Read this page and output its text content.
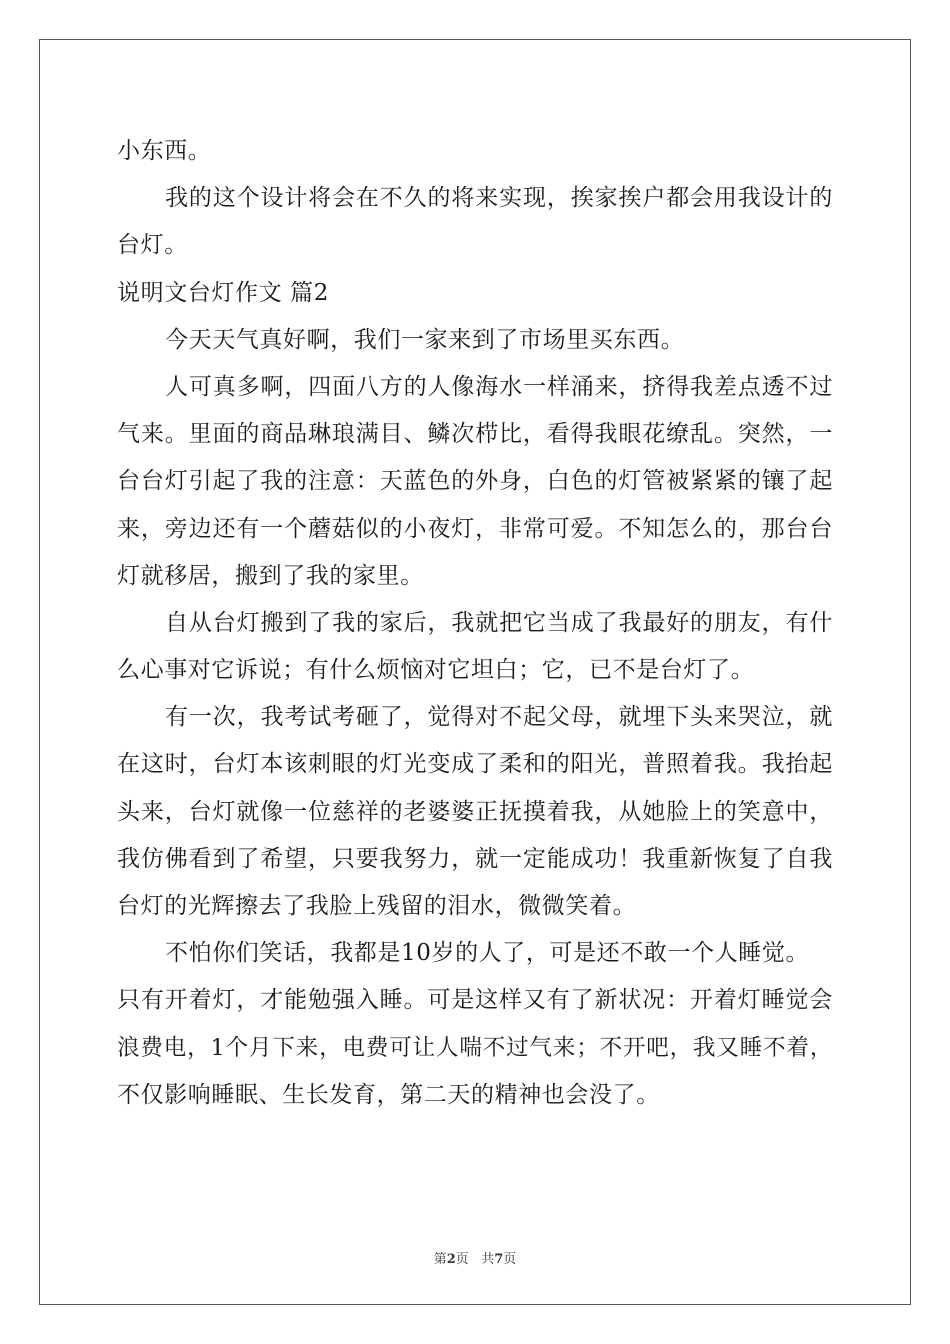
小东西。
我的这个设计将会在不久的将来实现，挨家挨户都会用我设计的
台灯。
说明文台灯作文 篇2
今天天气真好啊，我们一家来到了市场里买东西。
人可真多啊，四面八方的人像海水一样涌来，挤得我差点透不过
气来。里面的商品琳琅满目、鳞次栉比，看得我眼花缭乱。突然，一
台台灯引起了我的注意：天蓝色的外身，白色的灯管被紧紧的镶了起
来，旁边还有一个蘑菇似的小夜灯，非常可爱。不知怎么的，那台台
灯就移居，搬到了我的家里。
自从台灯搬到了我的家后，我就把它当成了我最好的朋友，有什
么心事对它诉说；有什么烦恼对它坦白；它，已不是台灯了。
有一次，我考试考砸了，觉得对不起父母，就埋下头来哭泣，就
在这时，台灯本该刺眼的灯光变成了柔和的阳光，普照着我。我抬起
头来，台灯就像一位慈祥的老婆婆正抚摸着我，从她脸上的笑意中，
我仿佛看到了希望，只要我努力，就一定能成功！我重新恢复了自我
台灯的光辉擦去了我脸上残留的泪水，微微笑着。
不怕你们笑话，我都是10岁的人了，可是还不敢一个人睡觉。
只有开着灯，才能勉强入睡。可是这样又有了新状况：开着灯睡觉会
浪费电，1个月下来，电费可让人喘不过气来；不开吧，我又睡不着，
不仅影响睡眠、生长发育，第二天的精神也会没了。
第2页   共7页
